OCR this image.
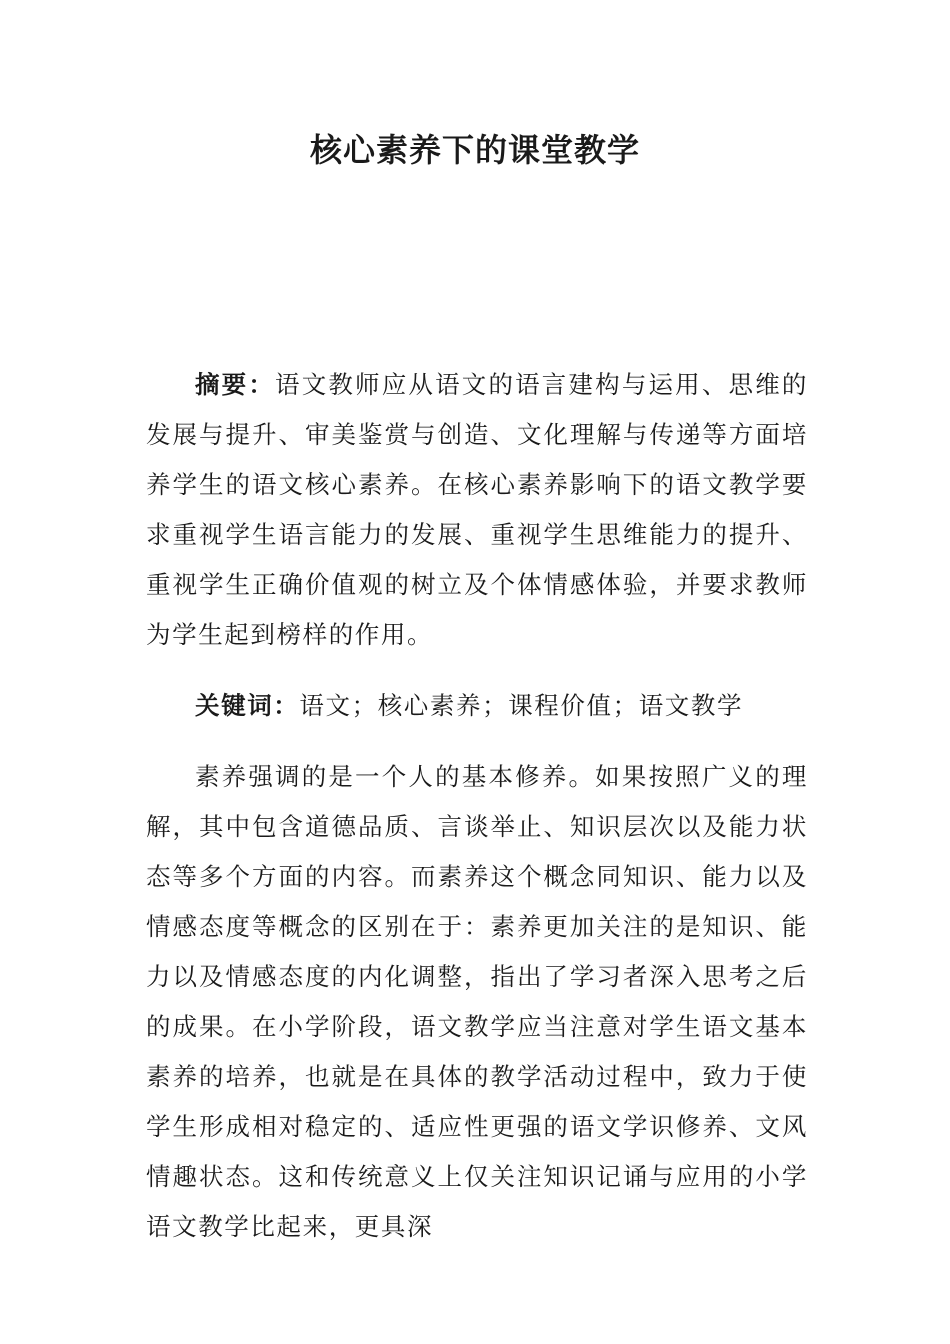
核心素养下的课堂教学

摘要：语文教师应从语文的语言建构与运用、思维的发展与提升、审美鉴赏与创造、文化理解与传递等方面培养学生的语文核心素养。在核心素养影响下的语文教学要求重视学生语言能力的发展、重视学生思维能力的提升、重视学生正确价值观的树立及个体情感体验，并要求教师为学生起到榜样的作用。

关键词：语文；核心素养；课程价值；语文教学

素养强调的是一个人的基本修养。如果按照广义的理解，其中包含道德品质、言谈举止、知识层次以及能力状态等多个方面的内容。而素养这个概念同知识、能力以及情感态度等概念的区别在于：素养更加关注的是知识、能力以及情感态度的内化调整，指出了学习者深入思考之后的成果。在小学阶段，语文教学应当注意对学生语文基本素养的培养，也就是在具体的教学活动过程中，致力于使学生形成相对稳定的、适应性更强的语文学识修养、文风情趣状态。这和传统意义上仅关注知识记诵与应用的小学语文教学比起来，更具深
